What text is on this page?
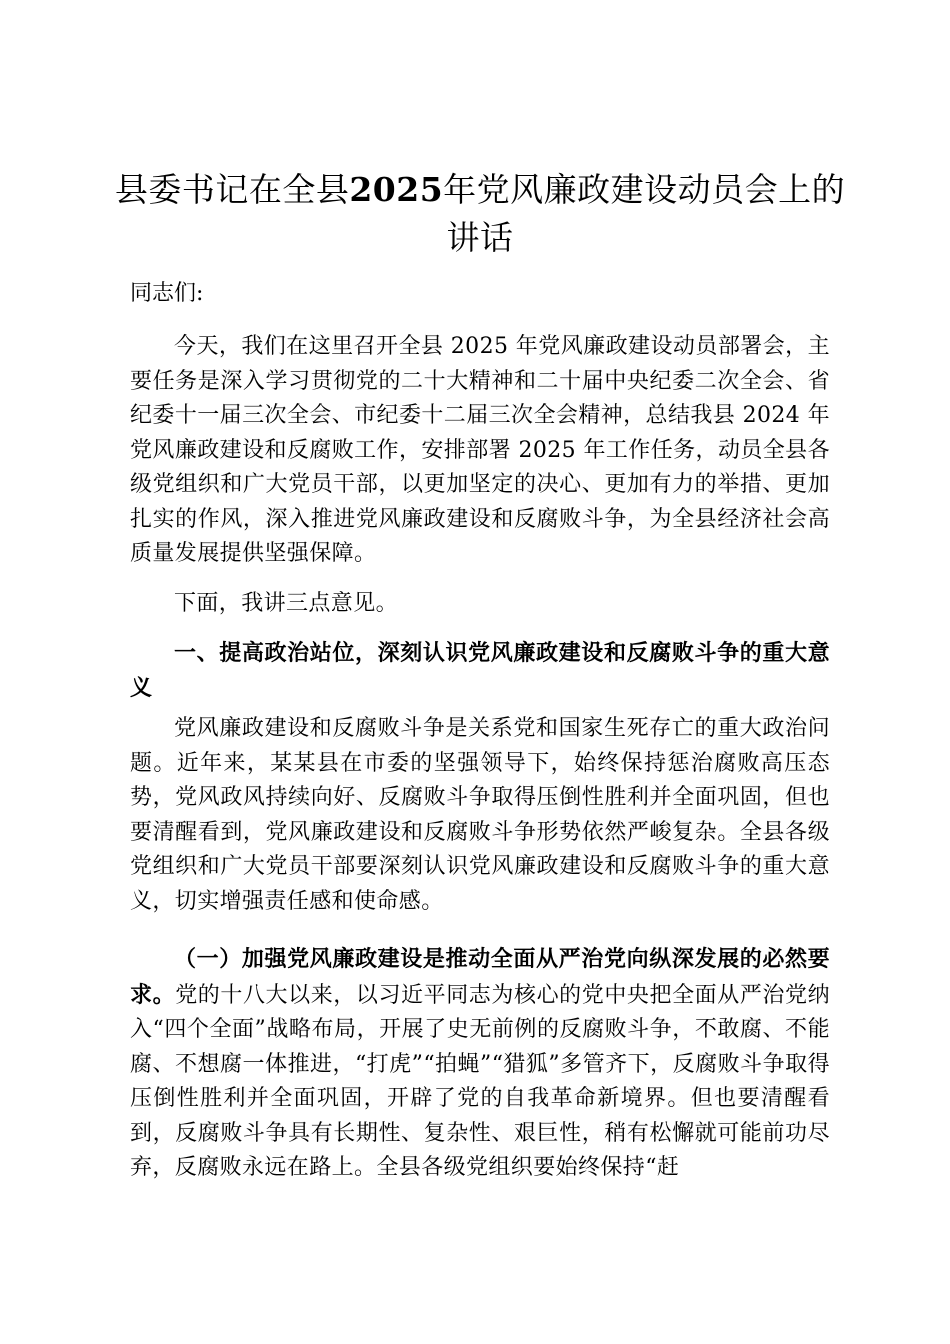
县委书记在全县2025年党风廉政建设动员会上的讲话

同志们:

今天，我们在这里召开全县 2025 年党风廉政建设动员部署会，主要任务是深入学习贯彻党的二十大精神和二十届中央纪委二次全会、省纪委十一届三次全会、市纪委十二届三次全会精神，总结我县 2024 年党风廉政建设和反腐败工作，安排部署 2025 年工作任务，动员全县各级党组织和广大党员干部，以更加坚定的决心、更加有力的举措、更加扎实的作风，深入推进党风廉政建设和反腐败斗争，为全县经济社会高质量发展提供坚强保障。

下面，我讲三点意见。

一、提高政治站位，深刻认识党风廉政建设和反腐败斗争的重大意义

党风廉政建设和反腐败斗争是关系党和国家生死存亡的重大政治问题。近年来，某某县在市委的坚强领导下，始终保持惩治腐败高压态势，党风政风持续向好、反腐败斗争取得压倒性胜利并全面巩固，但也要清醒看到，党风廉政建设和反腐败斗争形势依然严峻复杂。全县各级党组织和广大党员干部要深刻认识党风廉政建设和反腐败斗争的重大意义，切实增强责任感和使命感。

（一）加强党风廉政建设是推动全面从严治党向纵深发展的必然要求。党的十八大以来，以习近平同志为核心的党中央把全面从严治党纳入“四个全面”战略布局，开展了史无前例的反腐败斗争，不敢腐、不能腐、不想腐一体推进，“打虎”“拍蝇”“猎狐”多管齐下，反腐败斗争取得压倒性胜利并全面巩固，开辟了党的自我革命新境界。但也要清醒看到，反腐败斗争具有长期性、复杂性、艰巨性，稍有松懈就可能前功尽弃，反腐败永远在路上。全县各级党组织要始终保持“赶
